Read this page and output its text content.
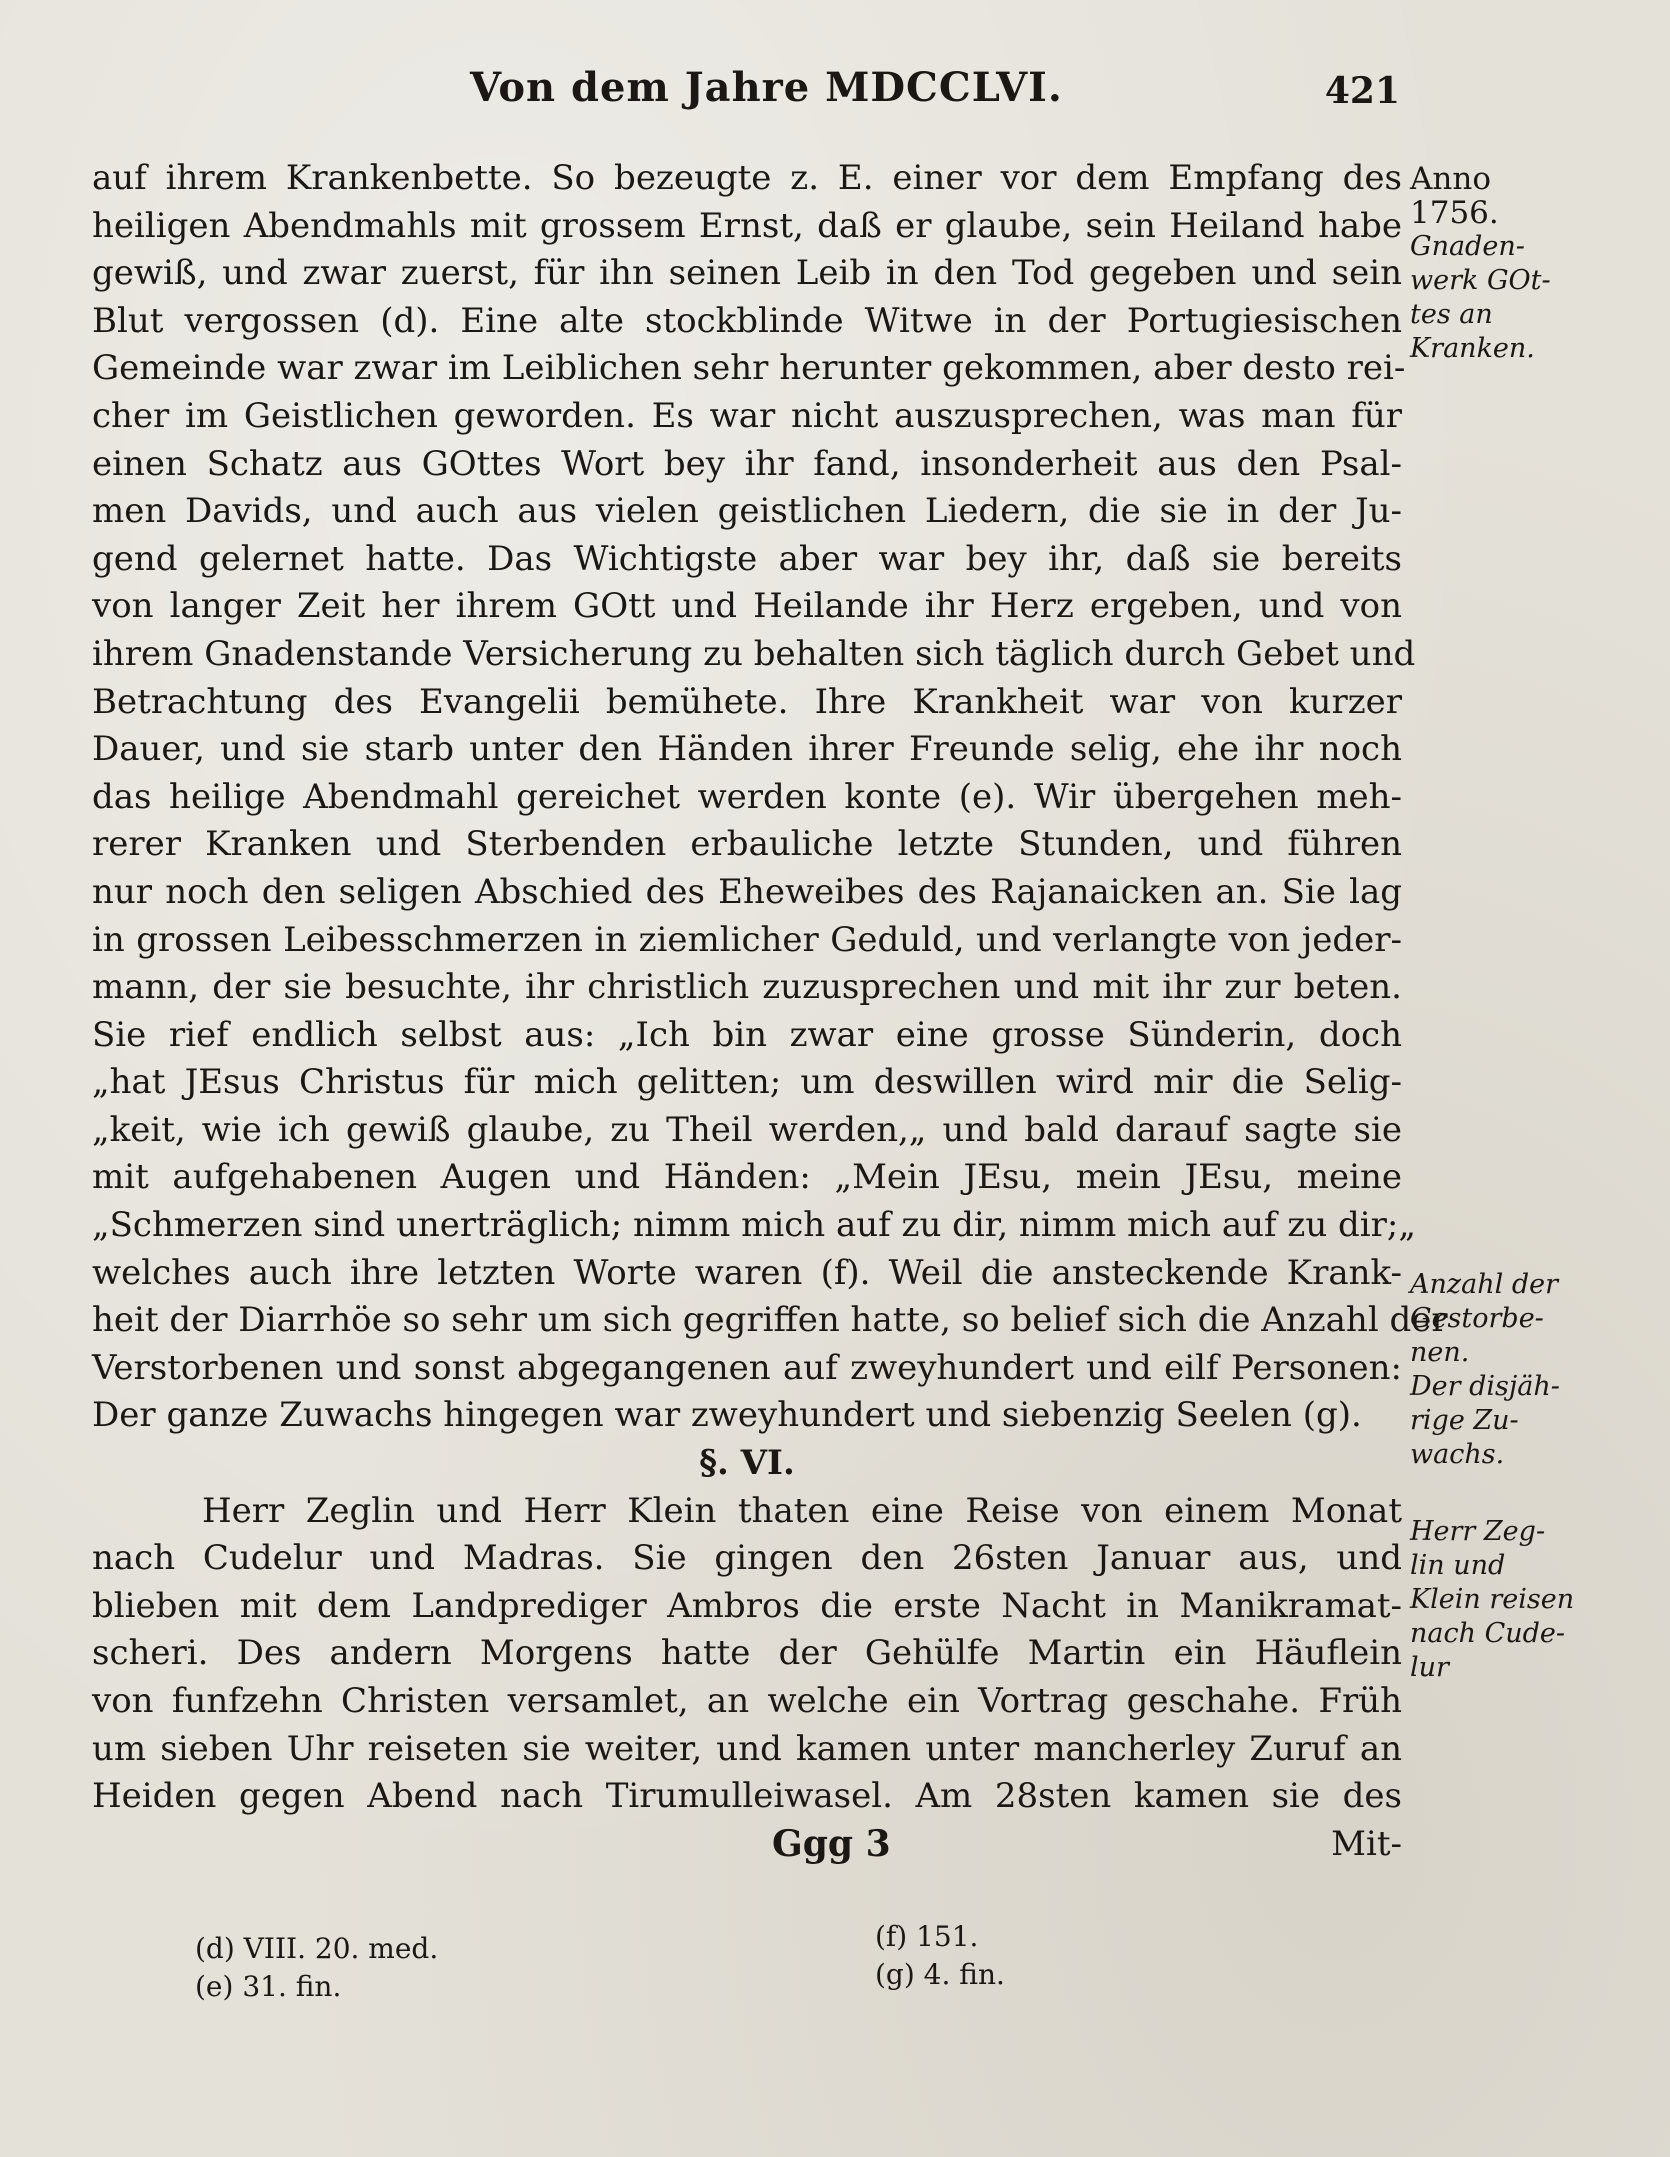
Von dem Jahre MDCCLVI.	421
auf ihrem Krankenbette. So bezeugte z. E. einer vor dem Empfang des
heiligen Abendmahls mit grossem Ernst, daß er glaube, sein Heiland habe
gewiß, und zwar zuerst, für ihn seinen Leib in den Tod gegeben und sein
Blut vergossen (d). Eine alte stockblinde Witwe in der Portugiesischen
Gemeinde war zwar im Leiblichen sehr herunter gekommen, aber desto rei-
cher im Geistlichen geworden. Es war nicht auszusprechen, was man für
einen Schatz aus GOttes Wort bey ihr fand, insonderheit aus den Psal-
men Davids, und auch aus vielen geistlichen Liedern, die sie in der Ju-
gend gelernet hatte. Das Wichtigste aber war bey ihr, daß sie bereits
von langer Zeit her ihrem GOtt und Heilande ihr Herz ergeben, und von
ihrem Gnadenstande Versicherung zu behalten sich täglich durch Gebet und
Betrachtung des Evangelii bemühete. Ihre Krankheit war von kurzer
Dauer, und sie starb unter den Händen ihrer Freunde selig, ehe ihr noch
das heilige Abendmahl gereichet werden konte (e). Wir übergehen meh-
rerer Kranken und Sterbenden erbauliche letzte Stunden, und führen
nur noch den seligen Abschied des Eheweibes des Rajanaicken an. Sie lag
in grossen Leibesschmerzen in ziemlicher Geduld, und verlangte von jeder-
mann, der sie besuchte, ihr christlich zuzusprechen und mit ihr zur beten.
Sie rief endlich selbst aus: „Ich bin zwar eine grosse Sünderin, doch
„hat JEsus Christus für mich gelitten; um deswillen wird mir die Selig-
„keit, wie ich gewiß glaube, zu Theil werden,„ und bald darauf sagte sie
mit aufgehabenen Augen und Händen: „Mein JEsu, mein JEsu, meine
„Schmerzen sind unerträglich; nimm mich auf zu dir, nimm mich auf zu dir;„
welches auch ihre letzten Worte waren (f). Weil die ansteckende Krank-
heit der Diarrhöe so sehr um sich gegriffen hatte, so belief sich die Anzahl der
Verstorbenen und sonst abgegangenen auf zweyhundert und eilf Personen:
Der ganze Zuwachs hingegen war zweyhundert und siebenzig Seelen (g).
§. VI.
Herr Zeglin und Herr Klein thaten eine Reise von einem Monat
nach Cudelur und Madras. Sie gingen den 26sten Januar aus, und
blieben mit dem Landprediger Ambros die erste Nacht in Manikramat-
scheri. Des andern Morgens hatte der Gehülfe Martin ein Häuflein
von funfzehn Christen versamlet, an welche ein Vortrag geschahe. Früh
um sieben Uhr reiseten sie weiter, und kamen unter mancherley Zuruf an
Heiden gegen Abend nach Tirumulleiwasel. Am 28sten kamen sie des
Ggg 3	Mit-
Anno
1756.
Gnaden-
werk GOt-
tes an
Kranken.
Anzahl der
Gestorbe-
nen.
Der disjäh-
rige Zu-
wachs.
Herr Zeg-
lin und
Klein reisen
nach Cude-
lur
(d) VIII. 20. med.
(e) 31. fin.
(f) 151.
(g) 4. fin.
